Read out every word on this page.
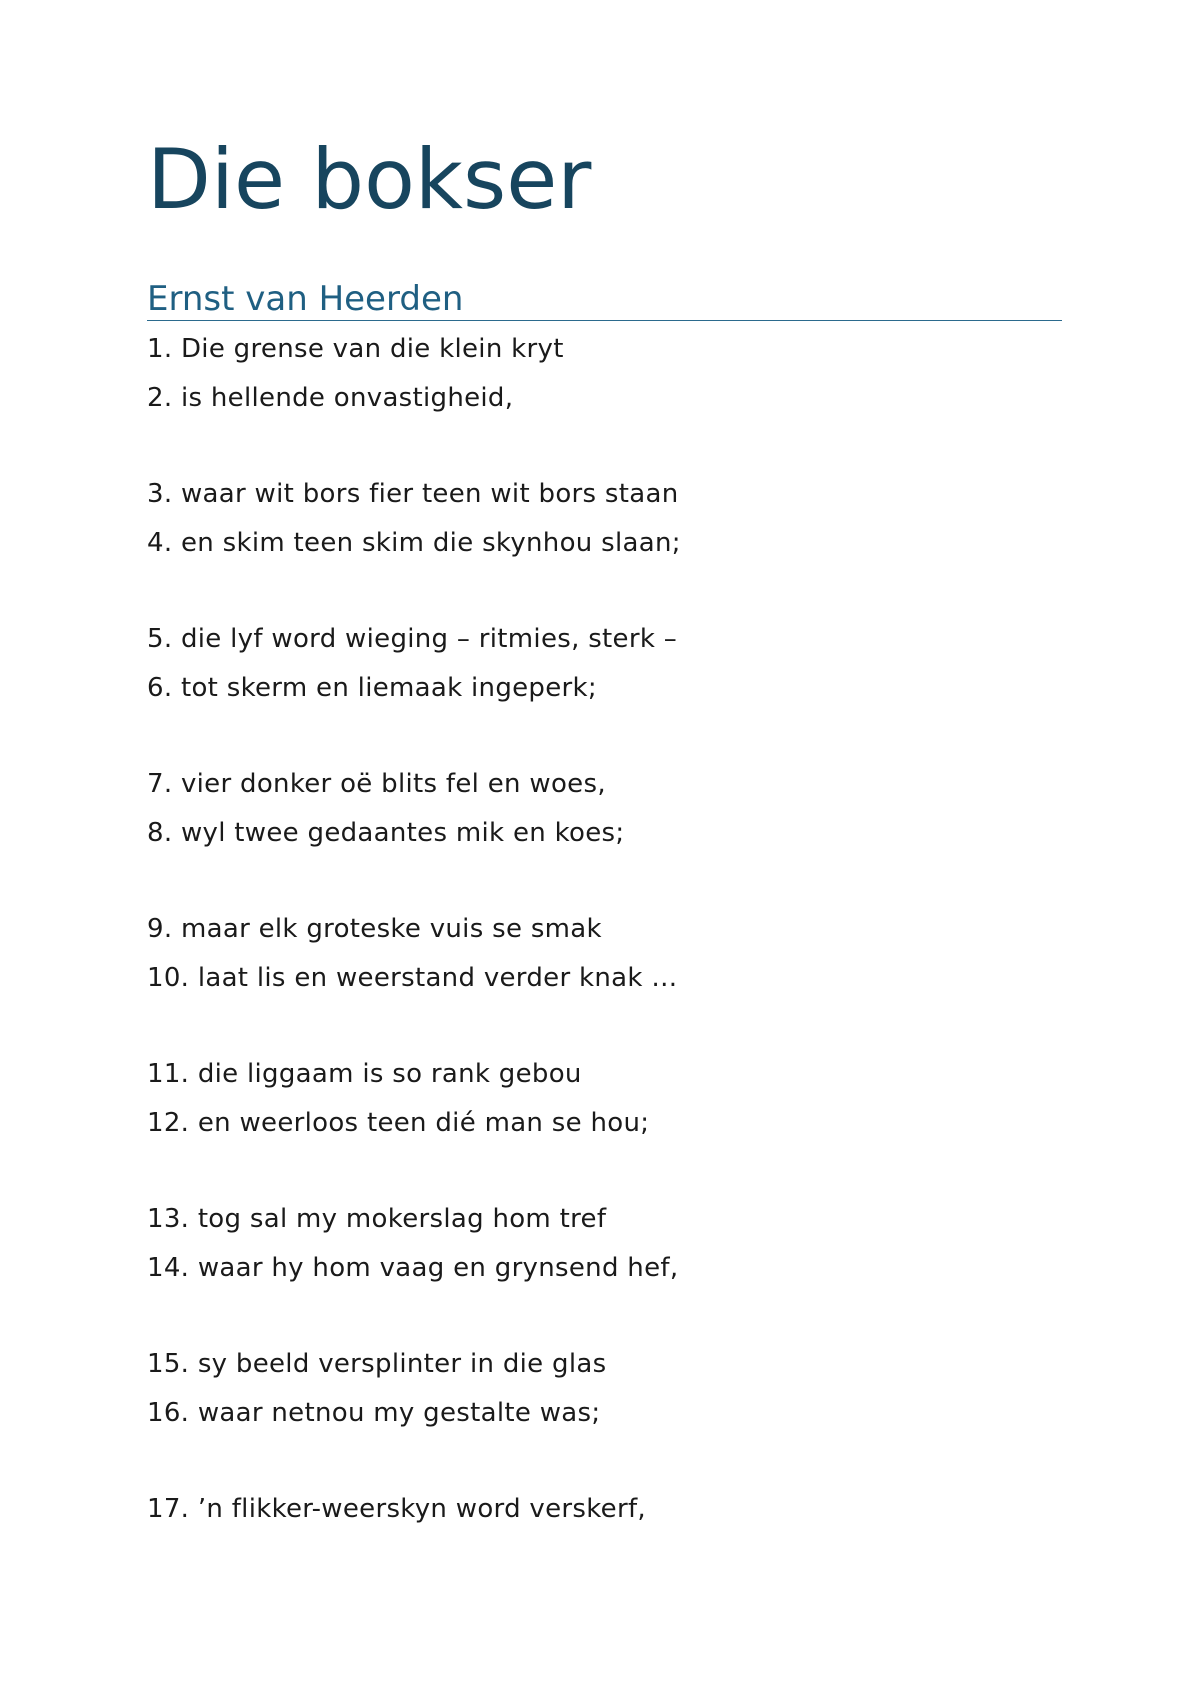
Die bokser
Ernst van Heerden
1. Die grense van die klein kryt
2. is hellende onvastigheid,
3. waar wit bors fier teen wit bors staan
4. en skim teen skim die skynhou slaan;
5. die lyf word wieging – ritmies, sterk –
6. tot skerm en liemaak ingeperk;
7. vier donker oë blits fel en woes,
8. wyl twee gedaantes mik en koes;
9. maar elk groteske vuis se smak
10. laat lis en weerstand verder knak …
11. die liggaam is so rank gebou
12. en weerloos teen dié man se hou;
13. tog sal my mokerslag hom tref
14. waar hy hom vaag en grynsend hef,
15. sy beeld versplinter in die glas
16. waar netnou my gestalte was;
17. ’n flikker-weerskyn word verskerf,
